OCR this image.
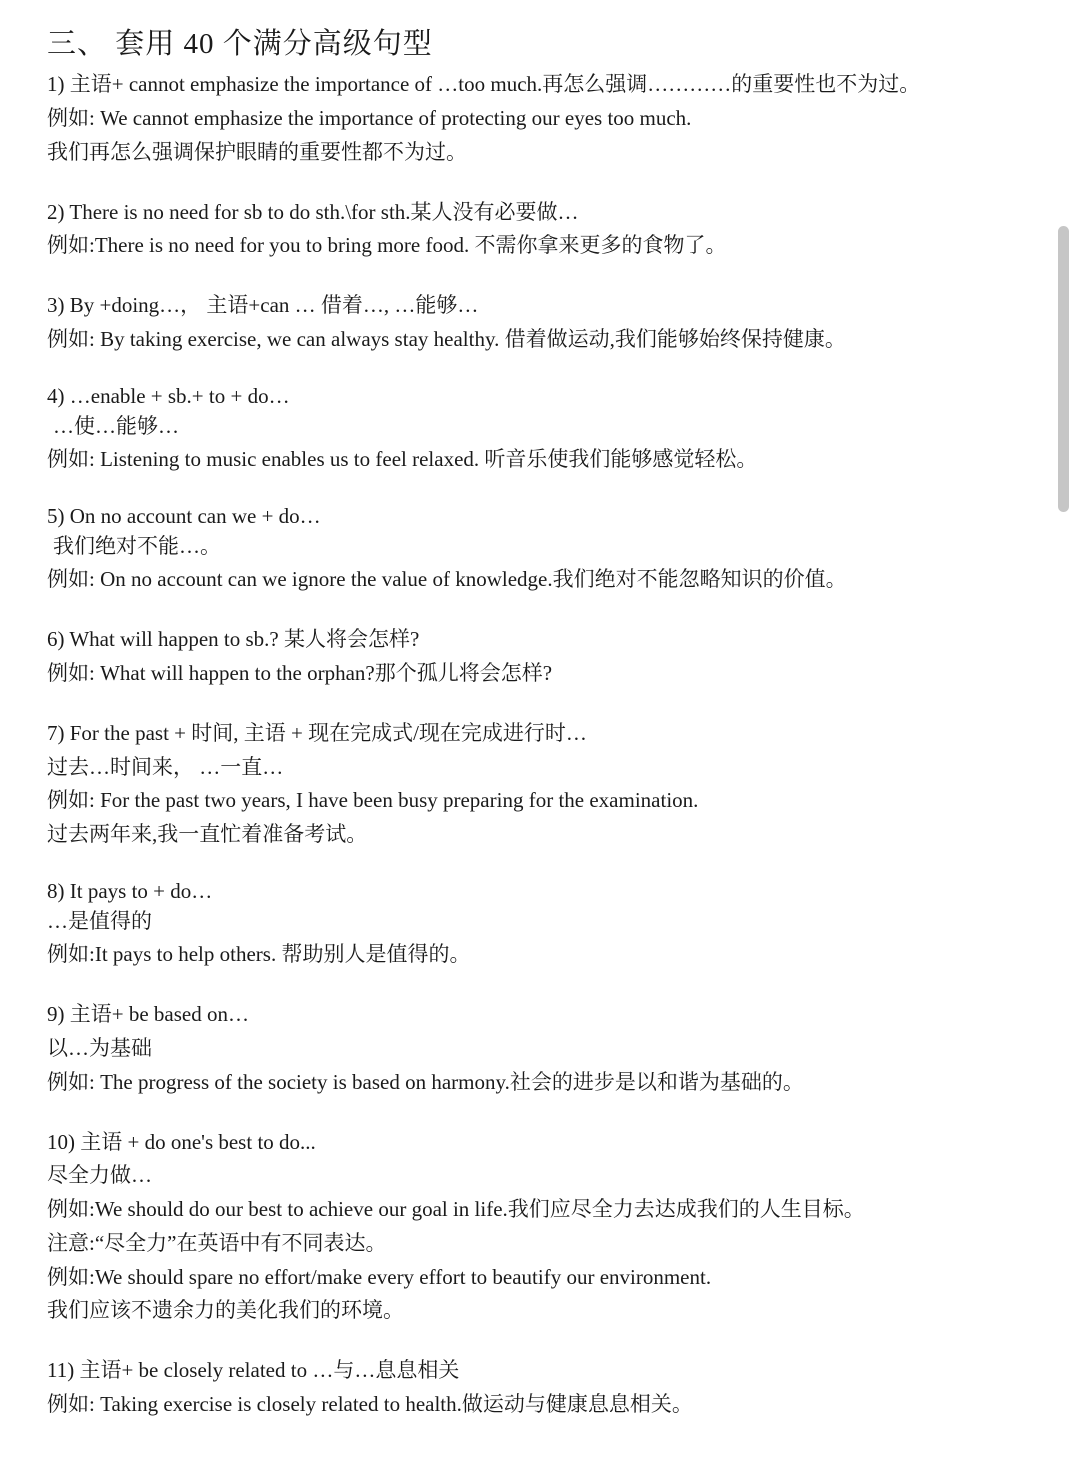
三、 套用 40 个满分高级句型
1) 主语+ cannot emphasize the importance of …too much.再怎么强调…………的重要性也不为过。
例如: We cannot emphasize the importance of protecting our eyes too much.
我们再怎么强调保护眼睛的重要性都不为过。
2) There is no need for sb to do sth.\for sth.某人没有必要做…
例如:There is no need for you to bring more food. 不需你拿来更多的食物了。
3) By +doing…， 主语+can … 借着…, …能够…
例如: By taking exercise, we can always stay healthy. 借着做运动,我们能够始终保持健康。
4) …enable + sb.+ to + do…
…使…能够…
例如: Listening to music enables us to feel relaxed. 听音乐使我们能够感觉轻松。
5) On no account can we + do…
我们绝对不能…。
例如: On no account can we ignore the value of knowledge.我们绝对不能忽略知识的价值。
6) What will happen to sb.? 某人将会怎样?
例如: What will happen to the orphan?那个孤儿将会怎样?
7) For the past + 时间, 主语 + 现在完成式/现在完成进行时…
过去…时间来， …一直…
例如: For the past two years, I have been busy preparing for the examination.
过去两年来,我一直忙着准备考试。
8) It pays to + do…
…是值得的
例如:It pays to help others. 帮助别人是值得的。
9) 主语+ be based on…
以…为基础
例如: The progress of the society is based on harmony.社会的进步是以和谐为基础的。
10) 主语 + do one's best to do...
尽全力做…
例如:We should do our best to achieve our goal in life.我们应尽全力去达成我们的人生目标。
注意:“尽全力”在英语中有不同表达。
例如:We should spare no effort/make every effort to beautify our environment.
我们应该不遗余力的美化我们的环境。
11) 主语+ be closely related to …与…息息相关
例如: Taking exercise is closely related to health.做运动与健康息息相关。
